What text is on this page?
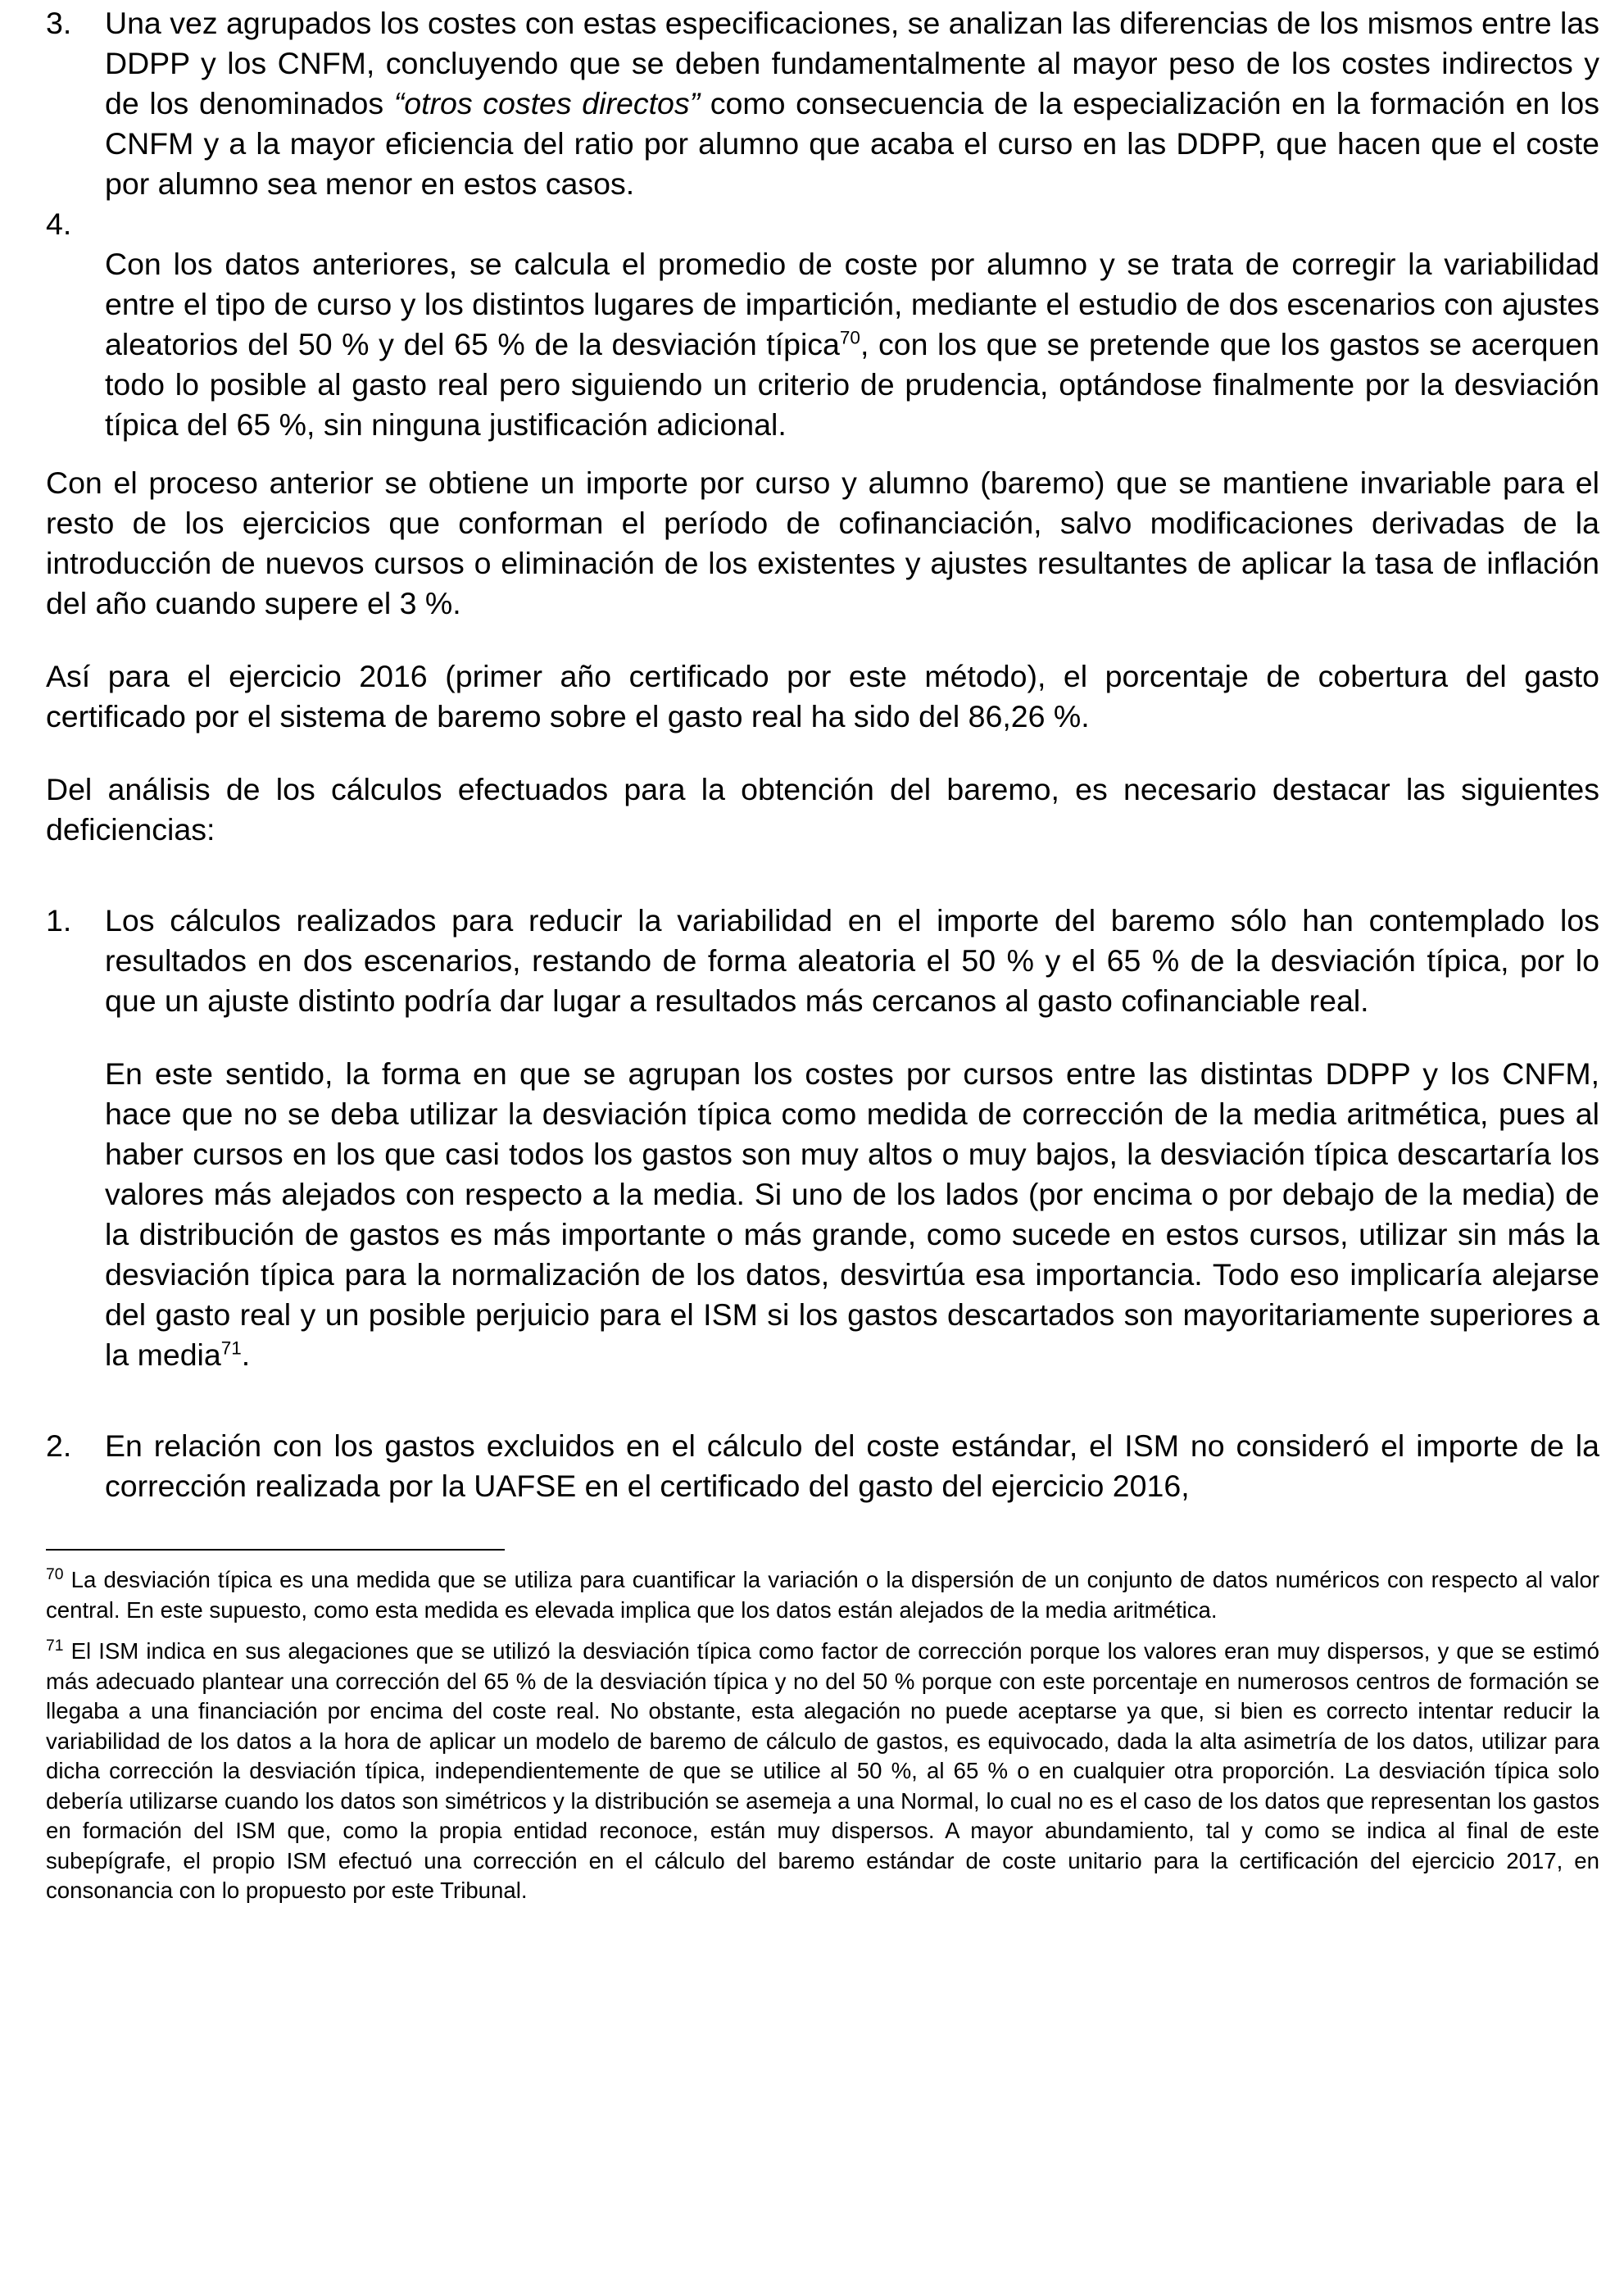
3. Una vez agrupados los costes con estas especificaciones, se analizan las diferencias de los mismos entre las DDPP y los CNFM, concluyendo que se deben fundamentalmente al mayor peso de los costes indirectos y de los denominados “otros costes directos” como consecuencia de la especialización en la formación en los CNFM y a la mayor eficiencia del ratio por alumno que acaba el curso en las DDPP, que hacen que el coste por alumno sea menor en estos casos.

4.

Con los datos anteriores, se calcula el promedio de coste por alumno y se trata de corregir la variabilidad entre el tipo de curso y los distintos lugares de impartición, mediante el estudio de dos escenarios con ajustes aleatorios del 50 % y del 65 % de la desviación típica$^{70}$, con los que se pretende que los gastos se acerquen todo lo posible al gasto real pero siguiendo un criterio de prudencia, optándose finalmente por la desviación típica del 65 %, sin ninguna justificación adicional.

Con el proceso anterior se obtiene un importe por curso y alumno (baremo) que se mantiene invariable para el resto de los ejercicios que conforman el período de cofinanciación, salvo modificaciones derivadas de la introducción de nuevos cursos o eliminación de los existentes y ajustes resultantes de aplicar la tasa de inflación del año cuando supere el 3 %.

Así para el ejercicio 2016 (primer año certificado por este método), el porcentaje de cobertura del gasto certificado por el sistema de baremo sobre el gasto real ha sido del 86,26 %.

Del análisis de los cálculos efectuados para la obtención del baremo, es necesario destacar las siguientes deficiencias:

1. Los cálculos realizados para reducir la variabilidad en el importe del baremo sólo han contemplado los resultados en dos escenarios, restando de forma aleatoria el 50 % y el 65 % de la desviación típica, por lo que un ajuste distinto podría dar lugar a resultados más cercanos al gasto cofinanciable real.

En este sentido, la forma en que se agrupan los costes por cursos entre las distintas DDPP y los CNFM, hace que no se deba utilizar la desviación típica como medida de corrección de la media aritmética, pues al haber cursos en los que casi todos los gastos son muy altos o muy bajos, la desviación típica descartaría los valores más alejados con respecto a la media. Si uno de los lados (por encima o por debajo de la media) de la distribución de gastos es más importante o más grande, como sucede en estos cursos, utilizar sin más la desviación típica para la normalización de los datos, desvirtúa esa importancia. Todo eso implicaría alejarse del gasto real y un posible perjuicio para el ISM si los gastos descartados son mayoritariamente superiores a la media$^{71}$.

2. En relación con los gastos excluidos en el cálculo del coste estándar, el ISM no consideró el importe de la corrección realizada por la UAFSE en el certificado del gasto del ejercicio 2016,

$^{70}$ La desviación típica es una medida que se utiliza para cuantificar la variación o la dispersión de un conjunto de datos numéricos con respecto al valor central. En este supuesto, como esta medida es elevada implica que los datos están alejados de la media aritmética.
$^{71}$ El ISM indica en sus alegaciones que se utilizó la desviación típica como factor de corrección porque los valores eran muy dispersos, y que se estimó más adecuado plantear una corrección del 65 % de la desviación típica y no del 50 % porque con este porcentaje en numerosos centros de formación se llegaba a una financiación por encima del coste real. No obstante, esta alegación no puede aceptarse ya que, si bien es correcto intentar reducir la variabilidad de los datos a la hora de aplicar un modelo de baremo de cálculo de gastos, es equivocado, dada la alta asimetría de los datos, utilizar para dicha corrección la desviación típica, independientemente de que se utilice al 50 %, al 65 % o en cualquier otra proporción. La desviación típica solo debería utilizarse cuando los datos son simétricos y la distribución se asemeja a una Normal, lo cual no es el caso de los datos que representan los gastos en formación del ISM que, como la propia entidad reconoce, están muy dispersos. A mayor abundamiento, tal y como se indica al final de este subepígrafe, el propio ISM efectuó una corrección en el cálculo del baremo estándar de coste unitario para la certificación del ejercicio 2017, en consonancia con lo propuesto por este Tribunal.
